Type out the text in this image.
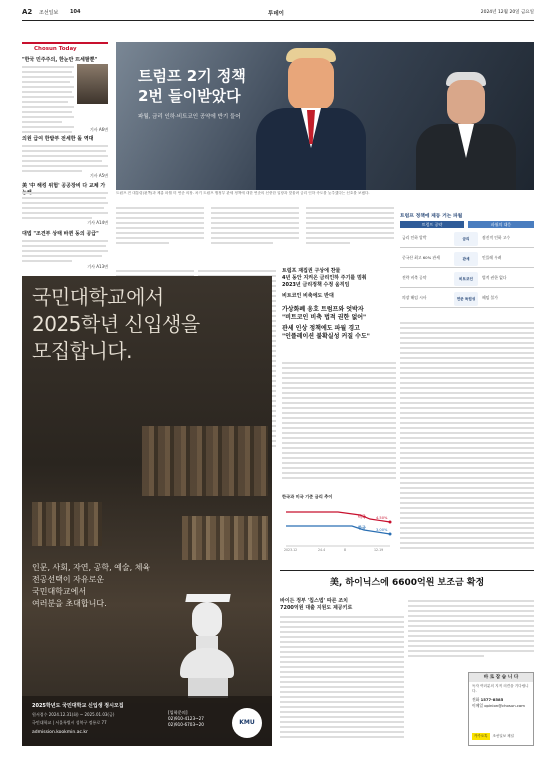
A2 조선일보 104	투데이	2024년 12월 20일 금요일
Chosun Today
"한국 민주주의, 한눈만 뜨세팔뿐"
기사 A6면
의원 급여 한밭부 전세한 돌 역대
기사 A5면
美 '中 해킹 위험' 공공장비 다 교체 가
기사 A14면
대법 "조견부 상태 바뀐 동의 공급"
기사 A13면
트럼프 2기 정책
2번 들이받았다
파월, 금리 인하·비트코인 공약에 반기 들어
트럼프 전 대통령(왼쪽)과 제롬 파월 미 연준 의장. 차기 트럼프 행정부 관세 정책에 대한 연준의 신중한 입장과 맞물려 금리 인하 속도를 늦추겠다는 신호를 보냈다.
트럼프 정책에 제동 거는 파월
트럼프 공약	파월의 대응
금리 인하 압박	금리	점진적 인하 고수
중국산 최고 60% 관세	관세	인플레 우려
전략 비축 공약	비트코인	법적 권한 없다
의장 해임 시사	연준 독립성	해임 불가
트럼프 재집권 구상에 찬물
4년 동안 지켜온 금리인하 주기를 멈춰
2023년 금리정책 수정 움직임
비트코인 비축에도 반대
가상화폐 옹호 트럼프와 엇박자
"비트코인 비축 법적 권한 없어"
관세 인상 정책에도 파월 경고
"인플레이션 불확실성 커질 수도"
한국과 미국 기준 금리 추이
미국	4.50%
한국	3.00%
2023.12	24.4	8	12.19
국민대학교에서
2025학년 신입생을
모집합니다.
인문, 사회, 자연, 공학, 예술, 체육
전공선택이 자유로운
국민대학교에서
여러분을 초대합니다.
2025학년도 국민대학교 신입생 정시모집
원서접수 2024.12.31(화) ~ 2025.01.03(금)
국민대학교 | 서울특별시 성북구 정릉로 77
admission.kookmin.ac.kr
[입학문의]
02)910-4123~27
02)910-6703~20	KMU
美, 하이닉스에 6600억원 보조금 확정
바이든 정부 '칩스법' 따른 조치
7200억원 대출 지원도 제공키로
바 로 잡 습 니 다
독자 여러분의 지적 의견을 기다립니다.
전화 1577-8585
이메일 opinion@chosun.com
카카오톡	조선일보 채널
